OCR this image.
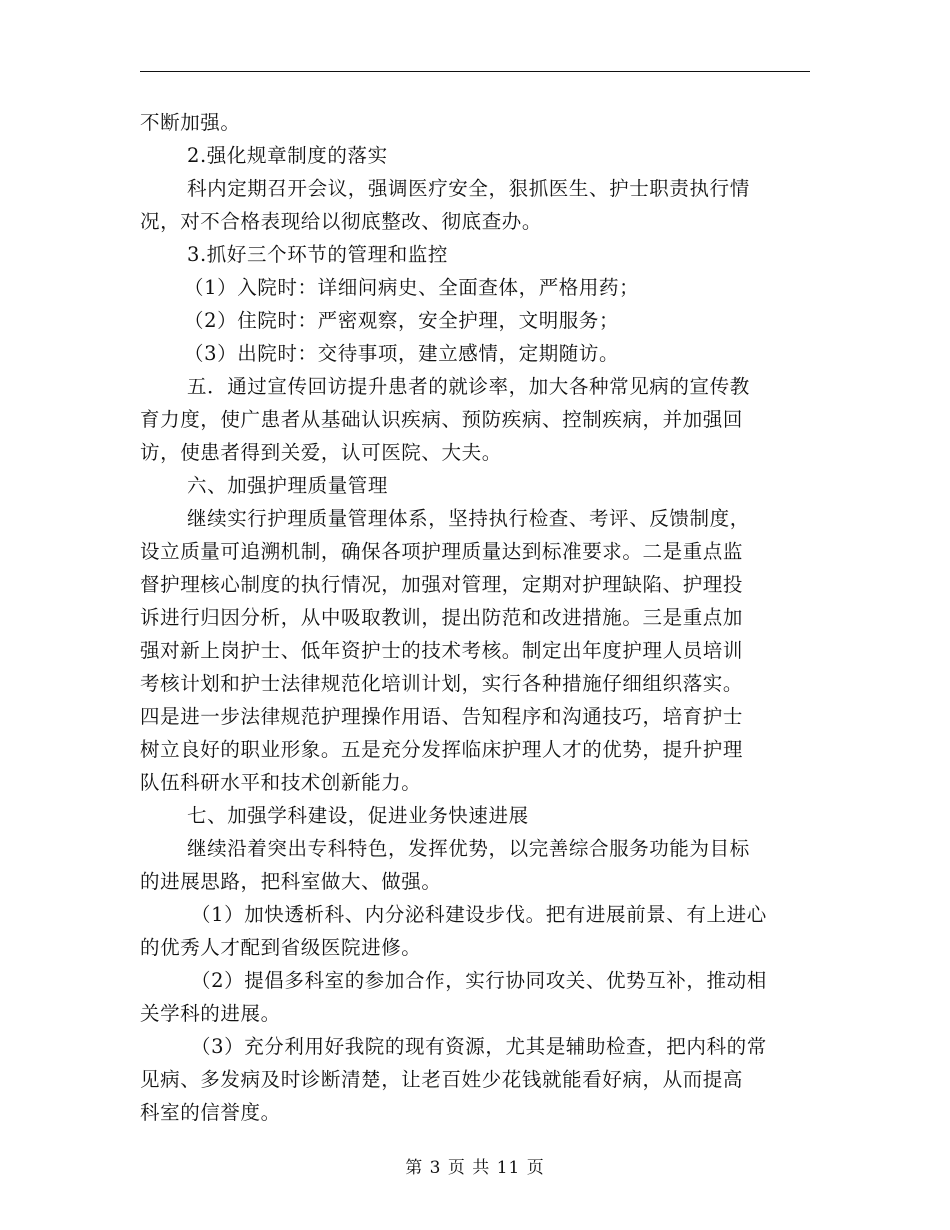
不断加强。
2.强化规章制度的落实
科内定期召开会议，强调医疗安全，狠抓医生、护士职责执行情
况，对不合格表现给以彻底整改、彻底查办。
3.抓好三个环节的管理和监控
（1）入院时：详细问病史、全面查体，严格用药；
（2）住院时：严密观察，安全护理，文明服务；
（3）出院时：交待事项，建立感情，定期随访。
五．通过宣传回访提升患者的就诊率，加大各种常见病的宣传教
育力度，使广患者从基础认识疾病、预防疾病、控制疾病，并加强回
访，使患者得到关爱，认可医院、大夫。
六、加强护理质量管理
继续实行护理质量管理体系，坚持执行检查、考评、反馈制度，
设立质量可追溯机制，确保各项护理质量达到标准要求。二是重点监
督护理核心制度的执行情况，加强对管理，定期对护理缺陷、护理投
诉进行归因分析，从中吸取教训，提出防范和改进措施。三是重点加
强对新上岗护士、低年资护士的技术考核。制定出年度护理人员培训
考核计划和护士法律规范化培训计划，实行各种措施仔细组织落实。
四是进一步法律规范护理操作用语、告知程序和沟通技巧，培育护士
树立良好的职业形象。五是充分发挥临床护理人才的优势，提升护理
队伍科研水平和技术创新能力。
七、加强学科建设，促进业务快速进展
继续沿着突出专科特色，发挥优势，以完善综合服务功能为目标
的进展思路，把科室做大、做强。
（1）加快透析科、内分泌科建设步伐。把有进展前景、有上进心
的优秀人才配到省级医院进修。
（2）提倡多科室的参加合作，实行协同攻关、优势互补，推动相
关学科的进展。
（3）充分利用好我院的现有资源，尤其是辅助检查，把内科的常
见病、多发病及时诊断清楚，让老百姓少花钱就能看好病，从而提高
科室的信誉度。
第 3 页 共 11 页
